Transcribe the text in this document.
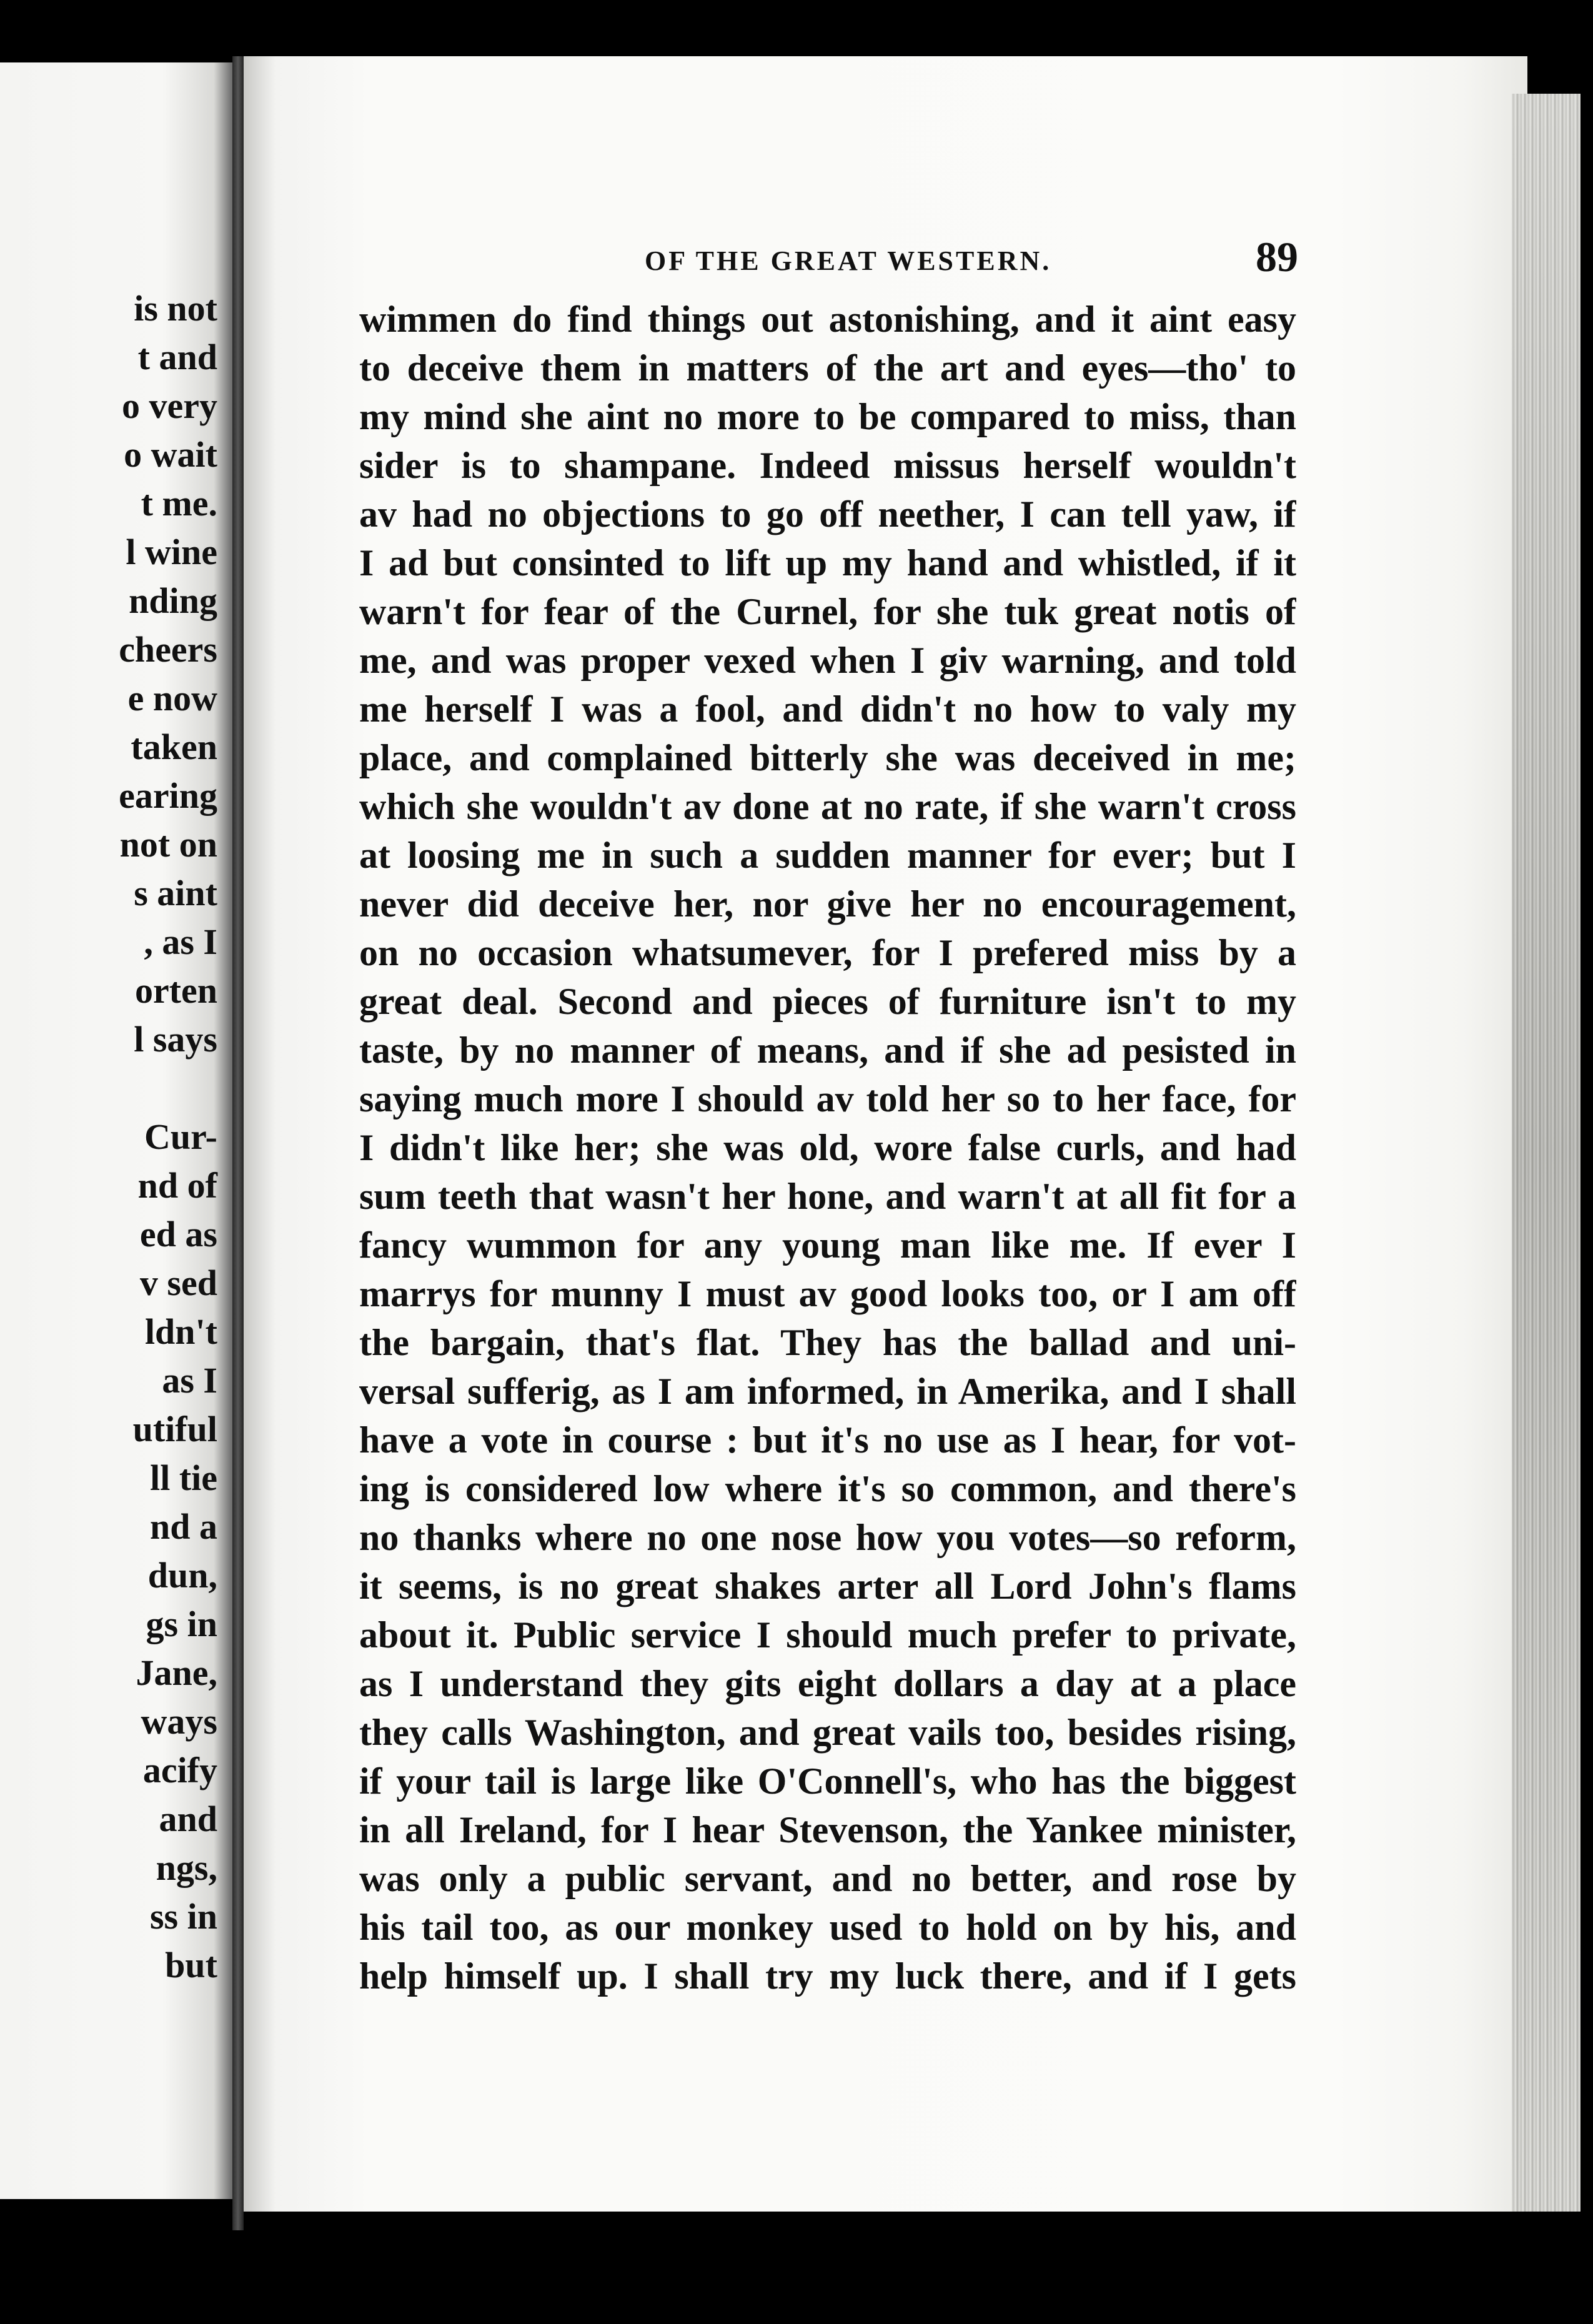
is not
t and
o very
o wait
t me.
l wine
nding
cheers
e now
taken
earing
not on
s aint
, as I
orten
l says
Cur-
nd of
ed as
v sed
ldn't
as I
utiful
ll tie
nd a
dun,
gs in
Jane,
ways
acify
and
ngs,
ss in
but
OF THE GREAT WESTERN.	89
wimmen do find things out astonishing, and it aint easy
to deceive them in matters of the art and eyes—tho' to
my mind she aint no more to be compared to miss, than
sider is to shampane. Indeed missus herself wouldn't
av had no objections to go off neether, I can tell yaw, if
I ad but consinted to lift up my hand and whistled, if it
warn't for fear of the Curnel, for she tuk great notis of
me, and was proper vexed when I giv warning, and told
me herself I was a fool, and didn't no how to valy my
place, and complained bitterly she was deceived in me;
which she wouldn't av done at no rate, if she warn't cross
at loosing me in such a sudden manner for ever; but I
never did deceive her, nor give her no encouragement,
on no occasion whatsumever, for I prefered miss by a
great deal. Second and pieces of furniture isn't to my
taste, by no manner of means, and if she ad pesisted in
saying much more I should av told her so to her face, for
I didn't like her; she was old, wore false curls, and had
sum teeth that wasn't her hone, and warn't at all fit for a
fancy wummon for any young man like me. If ever I
marrys for munny I must av good looks too, or I am off
the bargain, that's flat. They has the ballad and uni-
versal sufferig, as I am informed, in Amerika, and I shall
have a vote in course : but it's no use as I hear, for vot-
ing is considered low where it's so common, and there's
no thanks where no one nose how you votes—so reform,
it seems, is no great shakes arter all Lord John's flams
about it. Public service I should much prefer to private,
as I understand they gits eight dollars a day at a place
they calls Washington, and great vails too, besides rising,
if your tail is large like O'Connell's, who has the biggest
in all Ireland, for I hear Stevenson, the Yankee minister,
was only a public servant, and no better, and rose by
his tail too, as our monkey used to hold on by his, and
help himself up. I shall try my luck there, and if I gets
